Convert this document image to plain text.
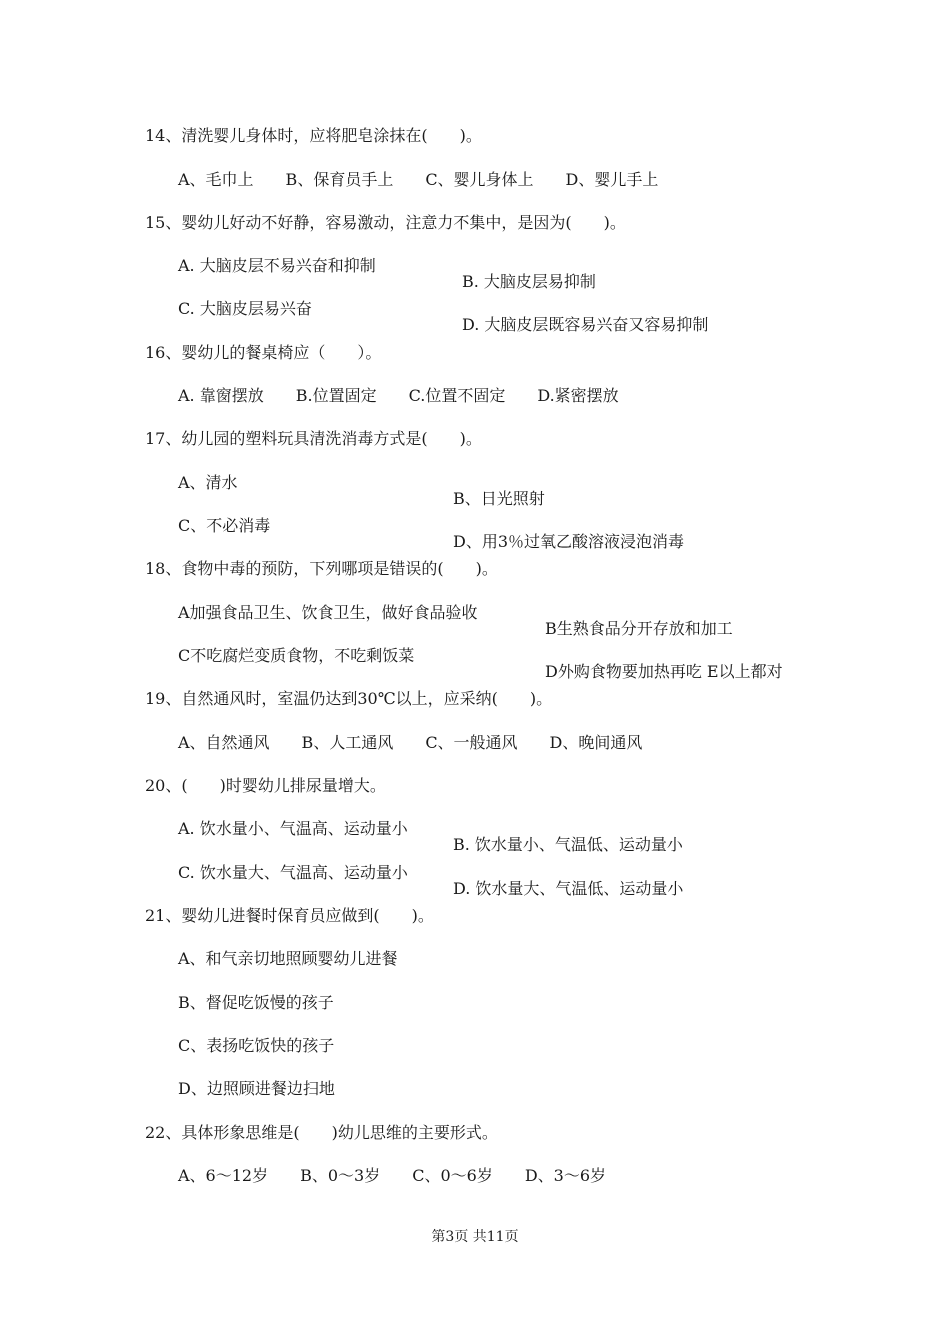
14、清洗婴儿身体时，应将肥皂涂抹在(　　)。

A、毛巾上　　B、保育员手上　　C、婴儿身体上　　D、婴儿手上

15、婴幼儿好动不好静，容易激动，注意力不集中，是因为(　　)。

A. 大脑皮层不易兴奋和抑制

B. 大脑皮层易抑制

C. 大脑皮层易兴奋

D. 大脑皮层既容易兴奋又容易抑制

16、婴幼儿的餐桌椅应（　　）。

A. 靠窗摆放　　B.位置固定　　C.位置不固定　　D.紧密摆放

17、幼儿园的塑料玩具清洗消毒方式是(　　)。

A、清水

B、日光照射

C、不必消毒

D、用3％过氧乙酸溶液浸泡消毒

18、食物中毒的预防，下列哪项是错误的(　　)。

A加强食品卫生、饮食卫生，做好食品验收

B生熟食品分开存放和加工

C不吃腐烂变质食物，不吃剩饭菜

D外购食物要加热再吃 E以上都对

19、自然通风时，室温仍达到30℃以上，应采纳(　　)。

A、自然通风　　B、人工通风　　C、一般通风　　D、晚间通风

20、(　　)时婴幼儿排尿量增大。

A. 饮水量小、气温高、运动量小

B. 饮水量小、气温低、运动量小

C. 饮水量大、气温高、运动量小

D. 饮水量大、气温低、运动量小

21、婴幼儿进餐时保育员应做到(　　)。

A、和气亲切地照顾婴幼儿进餐

B、督促吃饭慢的孩子

C、表扬吃饭快的孩子

D、边照顾进餐边扫地

22、具体形象思维是(　　)幼儿思维的主要形式。

A、6～12岁　　B、0～3岁　　C、0～6岁　　D、3～6岁

第3页 共11页
